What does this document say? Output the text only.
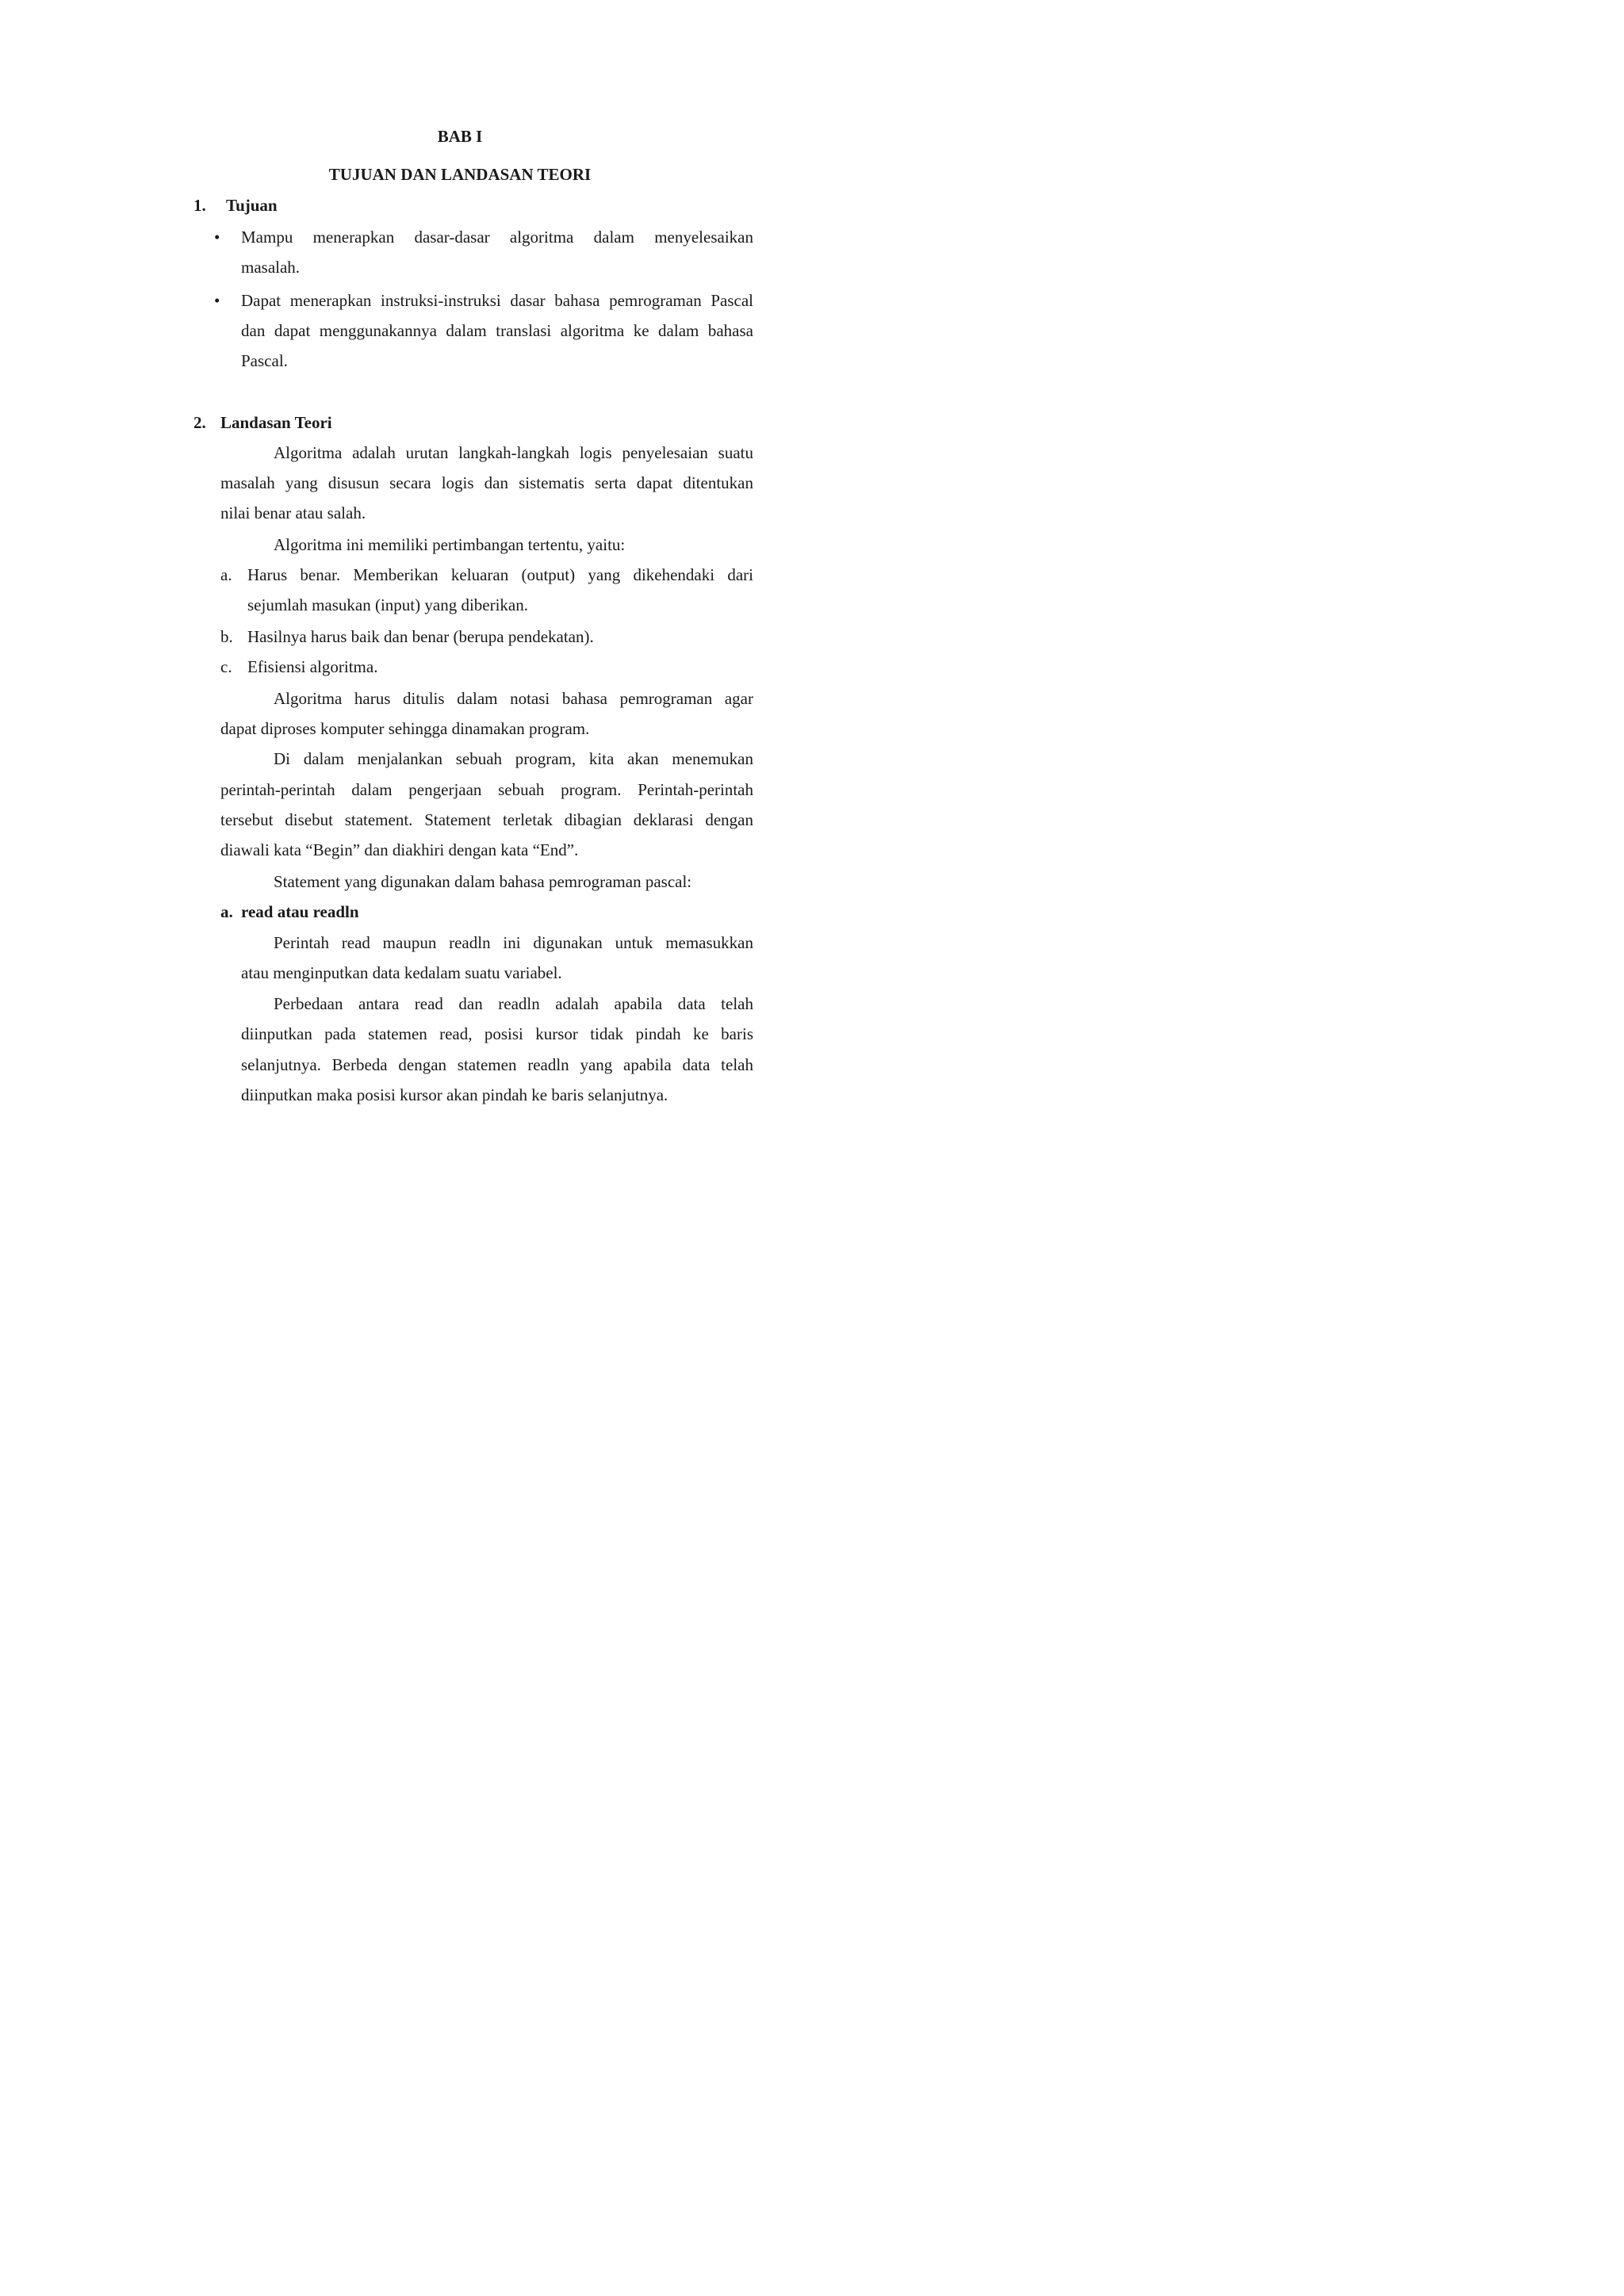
BAB I
TUJUAN DAN LANDASAN TEORI
1. Tujuan
• Mampu menerapkan dasar-dasar algoritma dalam menyelesaikan
masalah.
• Dapat menerapkan instruksi-instruksi dasar bahasa pemrograman Pascal
dan dapat menggunakannya dalam translasi algoritma ke dalam bahasa
Pascal.
2. Landasan Teori
Algoritma adalah urutan langkah-langkah logis penyelesaian suatu
masalah yang disusun secara logis dan sistematis serta dapat ditentukan
nilai benar atau salah.
Algoritma ini memiliki pertimbangan tertentu, yaitu:
a. Harus benar. Memberikan keluaran (output) yang dikehendaki dari
sejumlah masukan (input) yang diberikan.
b. Hasilnya harus baik dan benar (berupa pendekatan).
c. Efisiensi algoritma.
Algoritma harus ditulis dalam notasi bahasa pemrograman agar
dapat diproses komputer sehingga dinamakan program.
Di dalam menjalankan sebuah program, kita akan menemukan
perintah-perintah dalam pengerjaan sebuah program. Perintah-perintah
tersebut disebut statement. Statement terletak dibagian deklarasi dengan
diawali kata “Begin” dan diakhiri dengan kata “End”.
Statement yang digunakan dalam bahasa pemrograman pascal:
a. read atau readln
Perintah read maupun readln ini digunakan untuk memasukkan
atau menginputkan data kedalam suatu variabel.
Perbedaan antara read dan readln adalah apabila data telah
diinputkan pada statemen read, posisi kursor tidak pindah ke baris
selanjutnya. Berbeda dengan statemen readln yang apabila data telah
diinputkan maka posisi kursor akan pindah ke baris selanjutnya.
